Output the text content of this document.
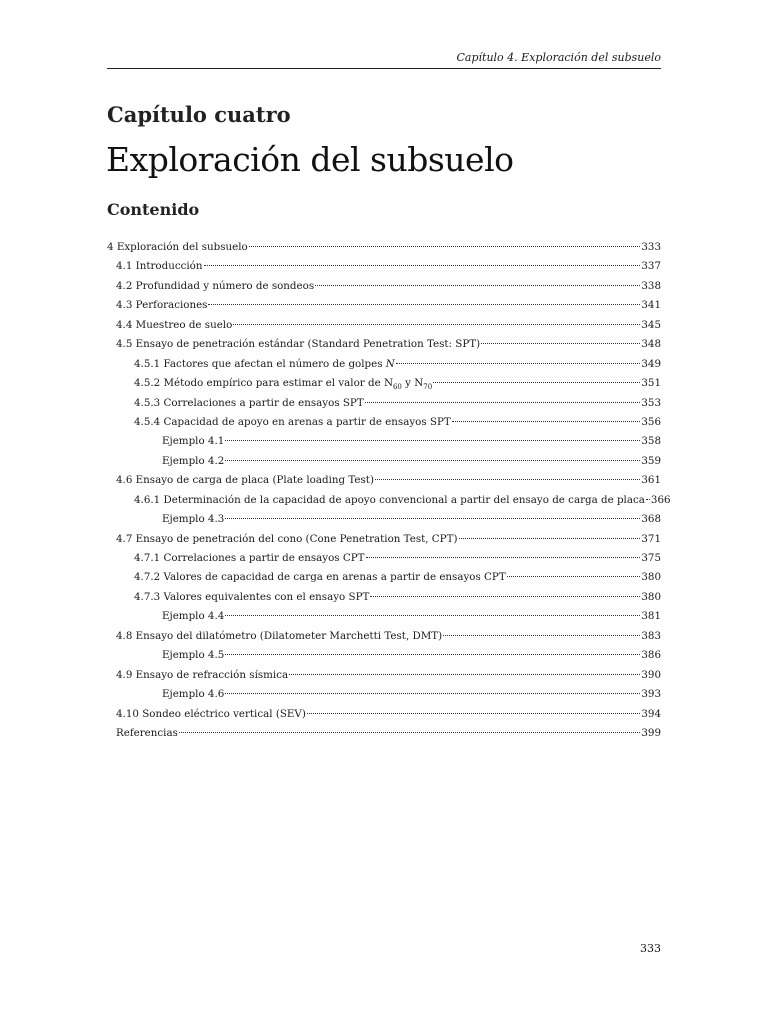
Capítulo 4. Exploración del subsuelo
Capítulo cuatro
Exploración del subsuelo
Contenido
4 Exploración del subsuelo	333
4.1 Introducción	337
4.2 Profundidad y número de sondeos	338
4.3 Perforaciones	341
4.4 Muestreo de suelo	345
4.5 Ensayo de penetración estándar (Standard Penetration Test: SPT)	348
4.5.1 Factores que afectan el número de golpes N	349
4.5.2 Método empírico para estimar el valor de $N_{60}$ y $N_{70}$	351
4.5.3 Correlaciones a partir de ensayos SPT	353
4.5.4 Capacidad de apoyo en arenas a partir de ensayos SPT	356
Ejemplo 4.1	358
Ejemplo 4.2	359
4.6 Ensayo de carga de placa (Plate loading Test)	361
4.6.1 Determinación de la capacidad de apoyo convencional a partir del ensayo de carga de placa 366
Ejemplo 4.3	368
4.7 Ensayo de penetración del cono (Cone Penetration Test, CPT)	371
4.7.1 Correlaciones a partir de ensayos CPT	375
4.7.2 Valores de capacidad de carga en arenas a partir de ensayos CPT	380
4.7.3 Valores equivalentes con el ensayo SPT	380
Ejemplo 4.4	381
4.8 Ensayo del dilatómetro (Dilatometer Marchetti Test, DMT)	383
Ejemplo 4.5	386
4.9 Ensayo de refracción sísmica	390
Ejemplo 4.6	393
4.10 Sondeo eléctrico vertical (SEV)	394
Referencias	399
333
